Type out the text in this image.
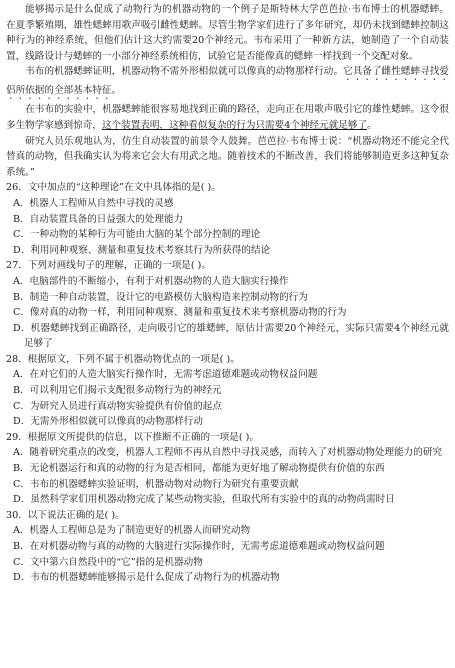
能够揭示是什么促成了动物行为的机器动物的一个例子是斯特林大学芭芭拉·韦布博士的机器蟋蟀。在夏季繁殖期，雄性蟋蟀用歌声吸引雌性蟋蟀。尽管生物学家们进行了多年研究，却仍未找到蟋蟀控制这种行为的神经系统，但他们估计这大约需要20个神经元。韦布采用了一种新方法，她制造了一个自动装置，线路设计与蟋蟀的一小部分神经系统相仿，试验它是否能像真的蟋蟀一样找到一个交配对象。

韦布的机器蟋蟀证明，机器动物不需外形相似就可以像真的动物那样行动。它具备了雌性蟋蟀寻找爱侣所依据的全部基本特征。

在韦布的实验中，机器蟋蟀能很容易地找到正确的路径，走向正在用歌声吸引它的雄性蟋蟀。这令很多生物学家感到惊奇，这个装置表明，这种看似复杂的行为只需要4个神经元就足够了。

研究人员乐观地认为，仿生自动装置的前景令人鼓舞。芭芭拉·韦布博士说：“机器动物还不能完全代替真的动物，但我确实认为将来它会大有用武之地。随着技术的不断改善，我们将能够制造更多这种复杂系统。”

26．文中加点的“这种理论”在文中具体指的是( )。

A．机器人工程师从自然中寻找的灵感

B．自动装置具备的日益强大的处理能力

C．一种动物的某种行为可能由大脑的某个部分控制的理论

D．利用同种观察、测量和重复技术考察其行为所获得的结论

27．下列对画线句子的理解，正确的一项是( )。

A．电脑部件的不断缩小，有利于对机器动物的人造大脑实行操作

B．制造一种自动装置，设计它的电路模仿大脑构造来控制动物的行为

C．像对真的动物一样，利用同种观察、测量和重复技术来考察机器动物的行为

D．机器蟋蟀找到正确路径，走向吸引它的雄蟋蟀，原估计需要20个神经元，实际只需要4个神经元就足够了

28．根据原文，下列不属于机器动物优点的一项是( )。

A．在对它们的人造大脑实行操作时，无需考虑道德难题或动物权益问题

B．可以利用它们揭示支配很多动物行为的神经元

C．为研究人员进行真动物实验提供有价值的起点

D．无需外形相似就可以像真的动物那样行动

29．根据原文所提供的信息，以下推断不正确的一项是( )。

A．随着研究重点的改变，机器人工程师不再从自然中寻找灵感，而转入了对机器动物处理能力的研究

B．无论机器运行和真的动物的行为是否相同，都能为更好地了解动物提供有价值的东西

C．韦布的机器蟋蟀实验证明，机器动物对动物行为研究有重要贡献

D．虽然科学家们用机器动物完成了某些动物实验，但取代所有实验中的真的动物尚需时日

30．以下说法正确的是( )。

A．机器人工程师总是为了制造更好的机器人而研究动物

B．在对机器动物与真的动物的大脑进行实际操作时，无需考虑道德难题或动物权益问题

C．文中第六自然段中的“它”指的是机器动物

D．韦布的机器蟋蟀能够揭示是什么促成了动物行为的机器动物
